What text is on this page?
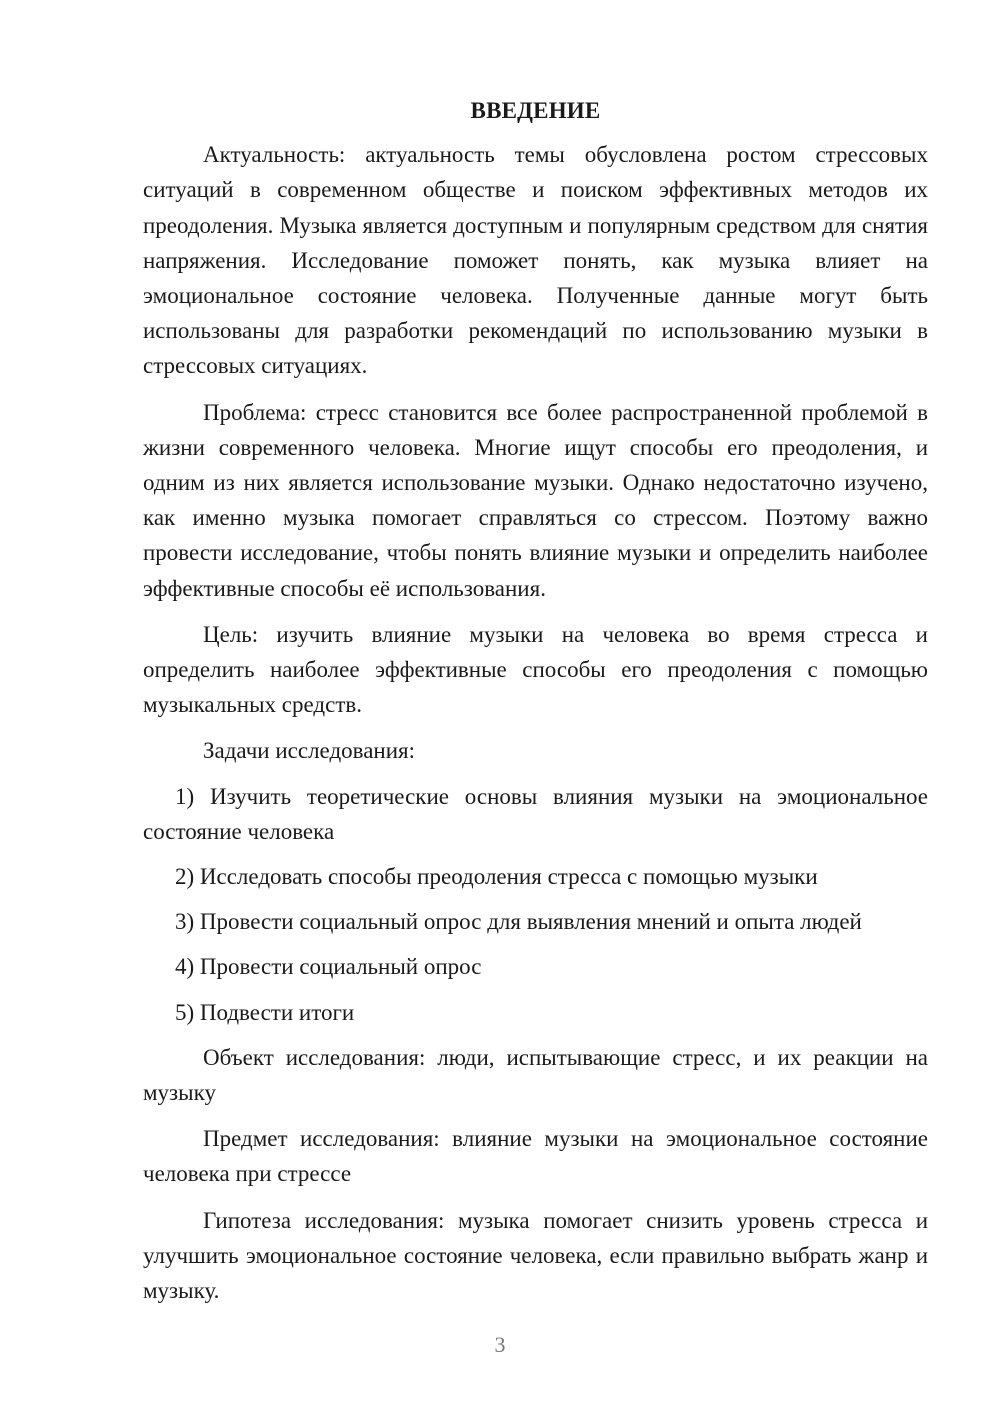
ВВЕДЕНИЕ

Актуальность: актуальность темы обусловлена ростом стрессовых ситуаций в современном обществе и поиском эффективных методов их преодоления. Музыка является доступным и популярным средством для снятия напряжения. Исследование поможет понять, как музыка влияет на эмоциональное состояние человека. Полученные данные могут быть использованы для разработки рекомендаций по использованию музыки в стрессовых ситуациях.

Проблема: стресс становится все более распространенной проблемой в жизни современного человека. Многие ищут способы его преодоления, и одним из них является использование музыки. Однако недостаточно изучено, как именно музыка помогает справляться со стрессом. Поэтому важно провести исследование, чтобы понять влияние музыки и определить наиболее эффективные способы её использования.

Цель: изучить влияние музыки на человека во время стресса и определить наиболее эффективные способы его преодоления с помощью музыкальных средств.

Задачи исследования:

1) Изучить теоретические основы влияния музыки на эмоциональное состояние человека

2) Исследовать способы преодоления стресса с помощью музыки

3) Провести социальный опрос для выявления мнений и опыта людей

4) Провести социальный опрос

5) Подвести итоги

Объект исследования: люди, испытывающие стресс, и их реакции на музыку

Предмет исследования: влияние музыки на эмоциональное состояние человека при стрессе

Гипотеза исследования: музыка помогает снизить уровень стресса и улучшить эмоциональное состояние человека, если правильно выбрать жанр и музыку.

3
